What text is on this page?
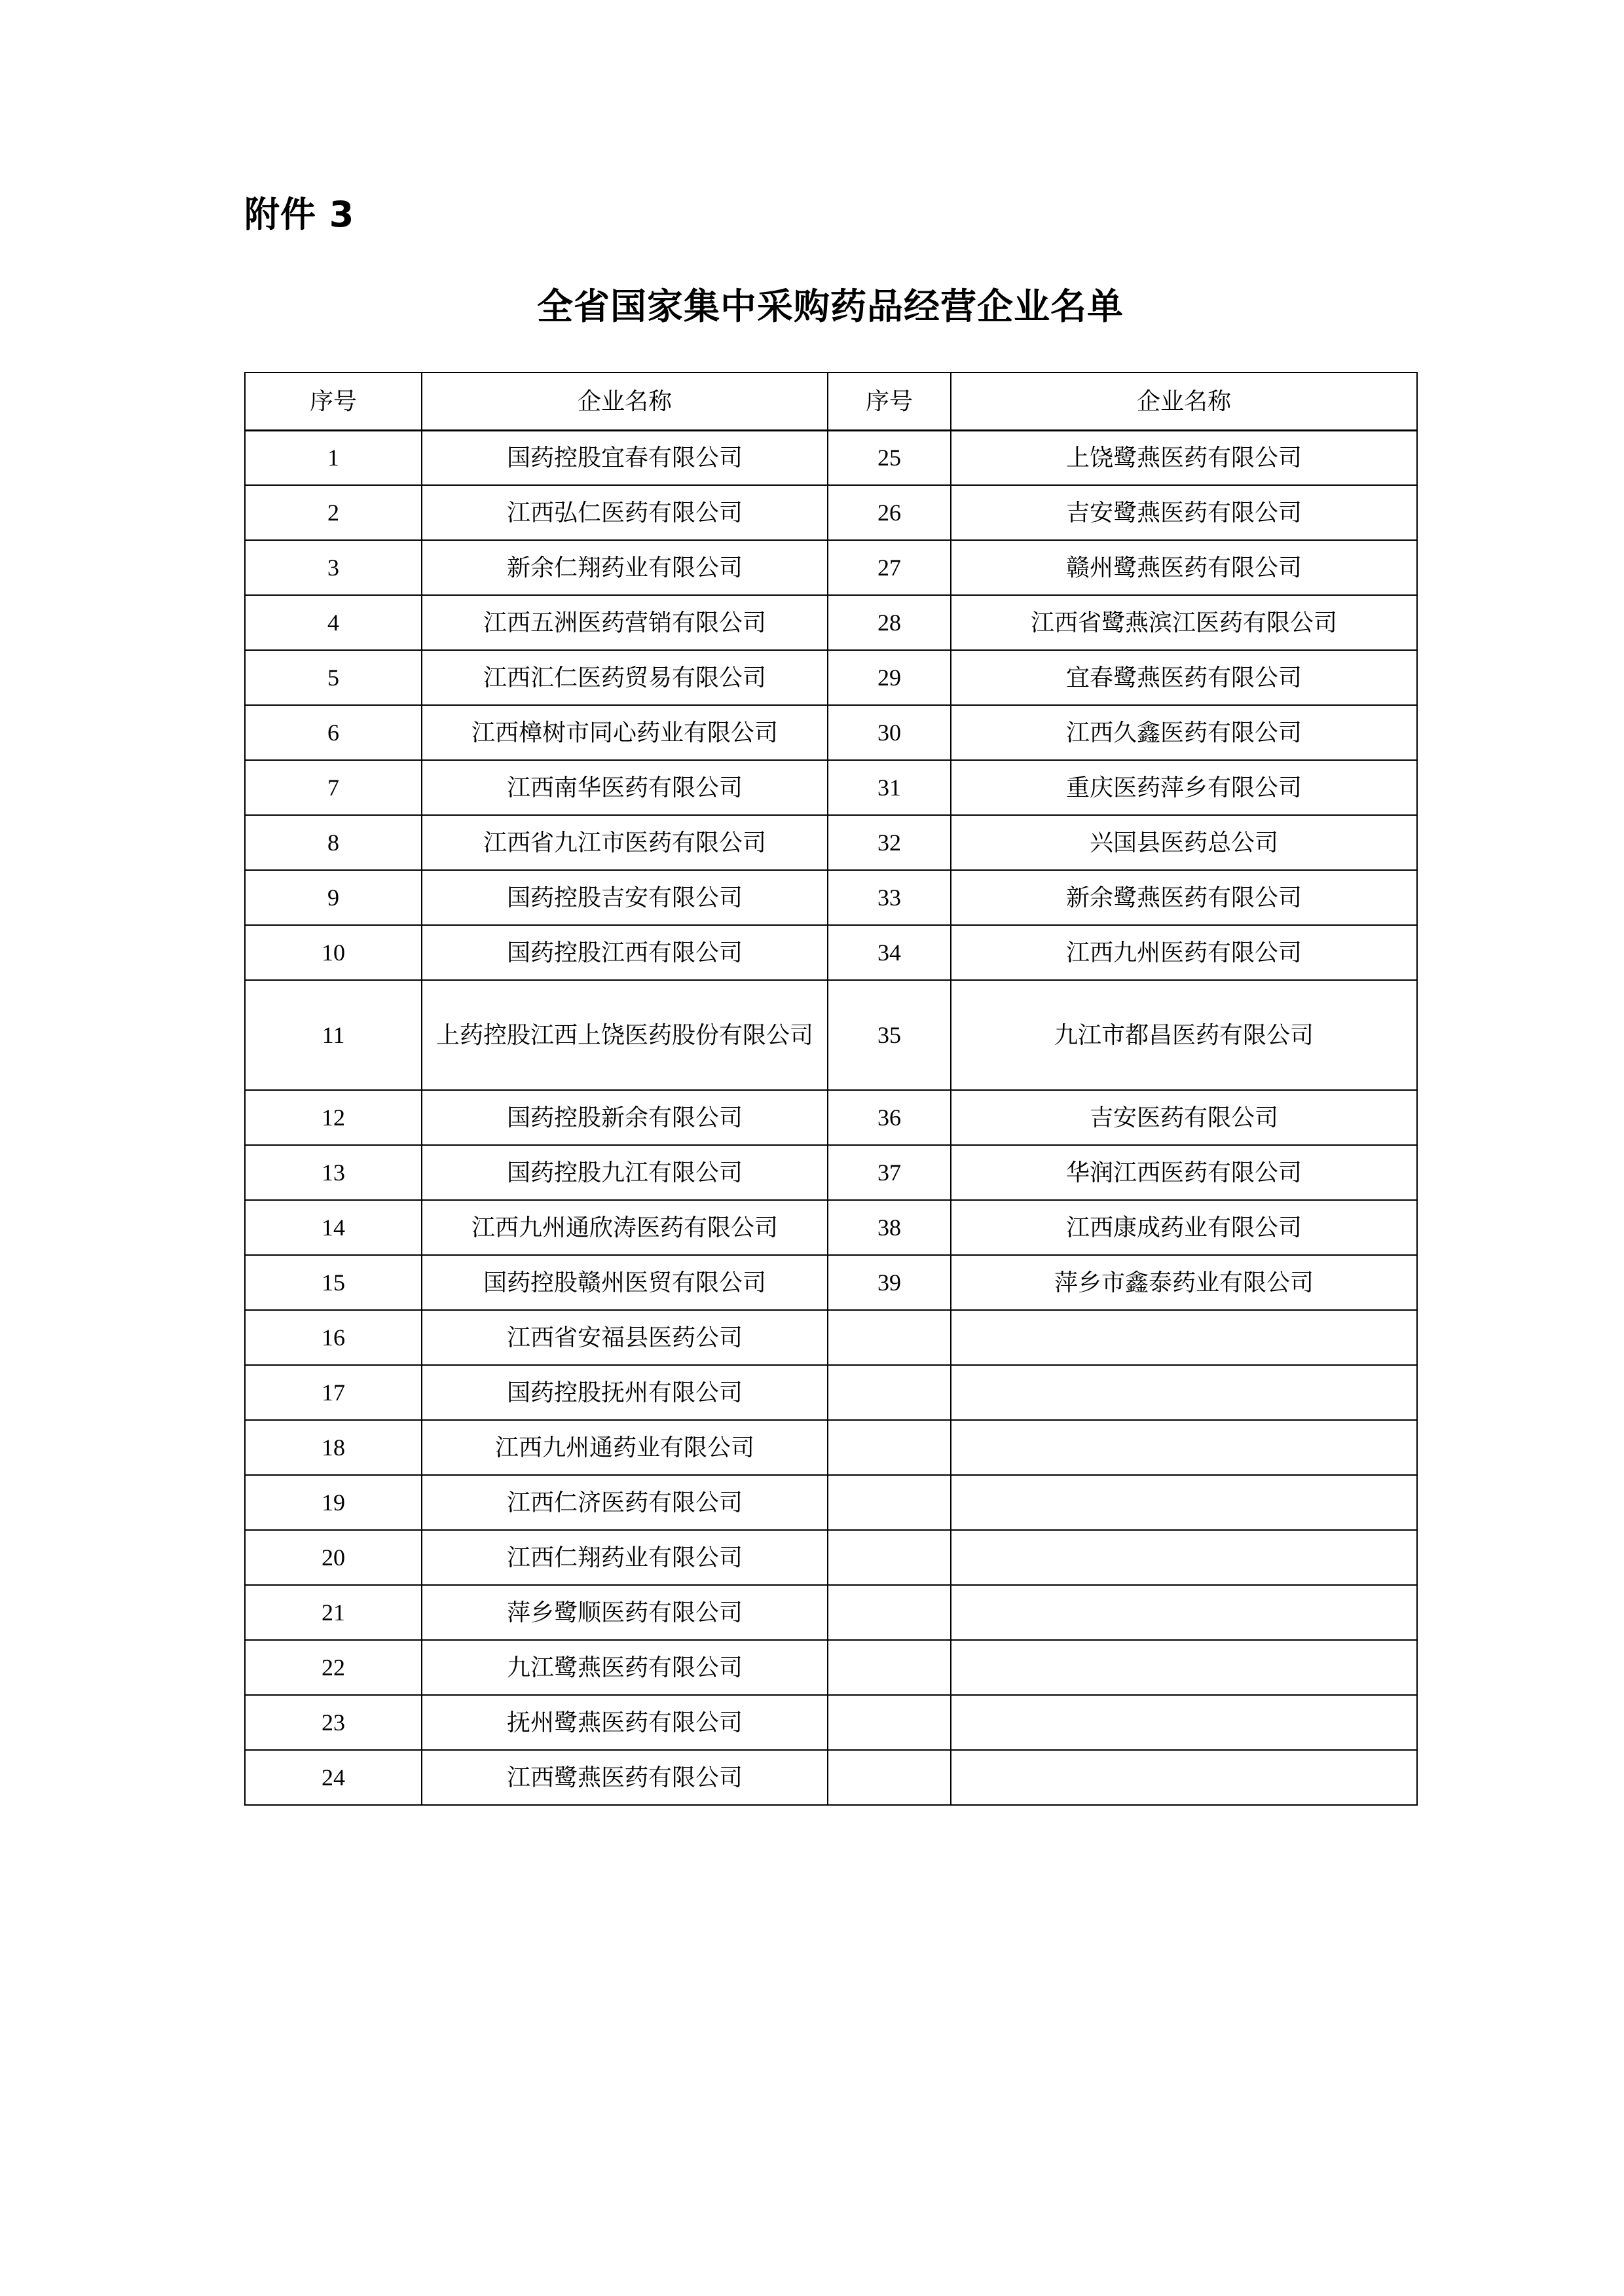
附件 3
全省国家集中采购药品经营企业名单
序号	企业名称	序号	企业名称
1	国药控股宜春有限公司	25	上饶鹭燕医药有限公司
2	江西弘仁医药有限公司	26	吉安鹭燕医药有限公司
3	新余仁翔药业有限公司	27	赣州鹭燕医药有限公司
4	江西五洲医药营销有限公司	28	江西省鹭燕滨江医药有限公司
5	江西汇仁医药贸易有限公司	29	宜春鹭燕医药有限公司
6	江西樟树市同心药业有限公司	30	江西久鑫医药有限公司
7	江西南华医药有限公司	31	重庆医药萍乡有限公司
8	江西省九江市医药有限公司	32	兴国县医药总公司
9	国药控股吉安有限公司	33	新余鹭燕医药有限公司
10	国药控股江西有限公司	34	江西九州医药有限公司
11	上药控股江西上饶医药股份有限公司	35	九江市都昌医药有限公司
12	国药控股新余有限公司	36	吉安医药有限公司
13	国药控股九江有限公司	37	华润江西医药有限公司
14	江西九州通欣涛医药有限公司	38	江西康成药业有限公司
15	国药控股赣州医贸有限公司	39	萍乡市鑫泰药业有限公司
16	江西省安福县医药公司		
17	国药控股抚州有限公司		
18	江西九州通药业有限公司		
19	江西仁济医药有限公司		
20	江西仁翔药业有限公司		
21	萍乡鹭顺医药有限公司		
22	九江鹭燕医药有限公司		
23	抚州鹭燕医药有限公司		
24	江西鹭燕医药有限公司		
